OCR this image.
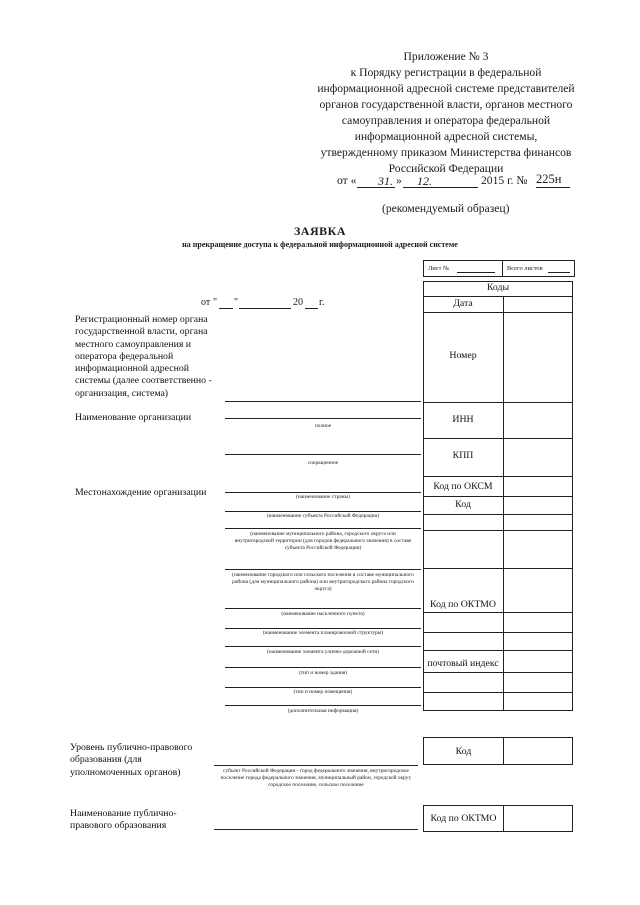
Приложение № 3
к Порядку регистрации в федеральной
информационной адресной системе представителей
органов государственной власти, органов местного
самоуправления и оператора федеральной
информационной адресной системы,
утвержденному приказом Министерства финансов
Российской Федерации
от « 31. » 12.	2015 г. № 225н
(рекомендуемый образец)
ЗАЯВКА
на прекращение доступа к федеральной информационной адресной системе
Лист №	Всего листов
от " "	20 г.
Коды
Дата
Номер
ИНН
КПП
Код по ОКСМ
Код
Код по ОКТМО
почтовый индекс
Регистрационный номер органа государственной власти, органа местного самоуправления и оператора федеральной информационной адресной системы (далее соответственно - организация, система)
Наименование организации
Местонахождение организации
Уровень публично-правового образования (для уполномоченных органов)
Наименование публично-правового образования
полное
сокращенное
(наименование страны)
(наименование субъекта Российской Федерации)
(наименование муниципального района, городского округа или внутригородской территории (для городов федерального значения) в составе субъекта Российской Федерации)
(наименование городского или сельского поселения в составе муниципального района (для муниципального района) или внутригородского района городского округа)
(наименование населенного пункта)
(наименование элемента планировочной структуры)
(наименование элемента улично-дорожной сети)
(тип и номер здания)
(тип и номер помещения)
(дополнительная информация)
субъект Российской Федерации - город федерального значения, внутригородское поселение города федерального значения, муниципальный район, городской округ, городское поселение, сельское поселение
Код
Код по ОКТМО
